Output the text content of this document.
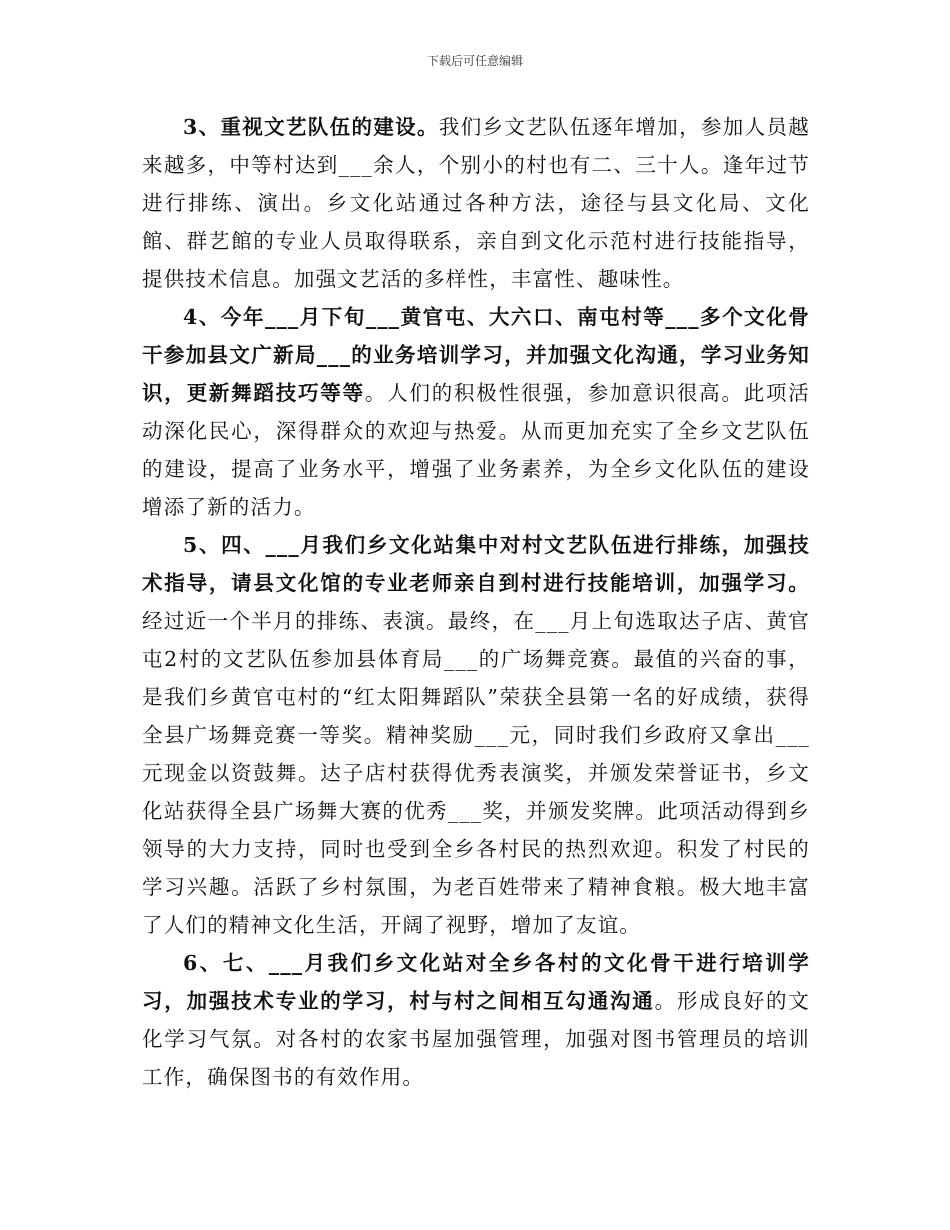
下载后可任意编辑

3、重视文艺队伍的建设。我们乡文艺队伍逐年增加，参加人员越来越多，中等村达到___余人，个别小的村也有二、三十人。逢年过节进行排练、演出。乡文化站通过各种方法，途径与县文化局、文化館、群艺館的专业人员取得联系，亲自到文化示范村进行技能指导，提供技术信息。加强文艺活的多样性，丰富性、趣味性。

4、今年___月下旬___黄官屯、大六口、南屯村等___多个文化骨干参加县文广新局___的业务培训学习，并加强文化沟通，学习业务知识，更新舞蹈技巧等等。人们的积极性很强，参加意识很高。此项活动深化民心，深得群众的欢迎与热爱。从而更加充实了全乡文艺队伍的建设，提高了业务水平，增强了业务素养，为全乡文化队伍的建设增添了新的活力。

5、四、___月我们乡文化站集中对村文艺队伍进行排练，加强技术指导，请县文化馆的专业老师亲自到村进行技能培训，加强学习。经过近一个半月的排练、表演。最终，在___月上旬选取达子店、黄官屯2村的文艺队伍参加县体育局___的广场舞竞赛。最值的兴奋的事，是我们乡黄官屯村的“红太阳舞蹈队”荣获全县第一名的好成绩，获得全县广场舞竞赛一等奖。精神奖励___元，同时我们乡政府又拿出___元现金以资鼓舞。达子店村获得优秀表演奖，并颁发荣誉证书，乡文化站获得全县广场舞大赛的优秀___奖，并颁发奖牌。此项活动得到乡领导的大力支持，同时也受到全乡各村民的热烈欢迎。积发了村民的学习兴趣。活跃了乡村氛围，为老百姓带来了精神食粮。极大地丰富了人们的精神文化生活，开阔了视野，增加了友谊。

6、七、___月我们乡文化站对全乡各村的文化骨干进行培训学习，加强技术专业的学习，村与村之间相互勾通沟通。形成良好的文化学习气氛。对各村的农家书屋加强管理，加强对图书管理员的培训工作，确保图书的有效作用。
